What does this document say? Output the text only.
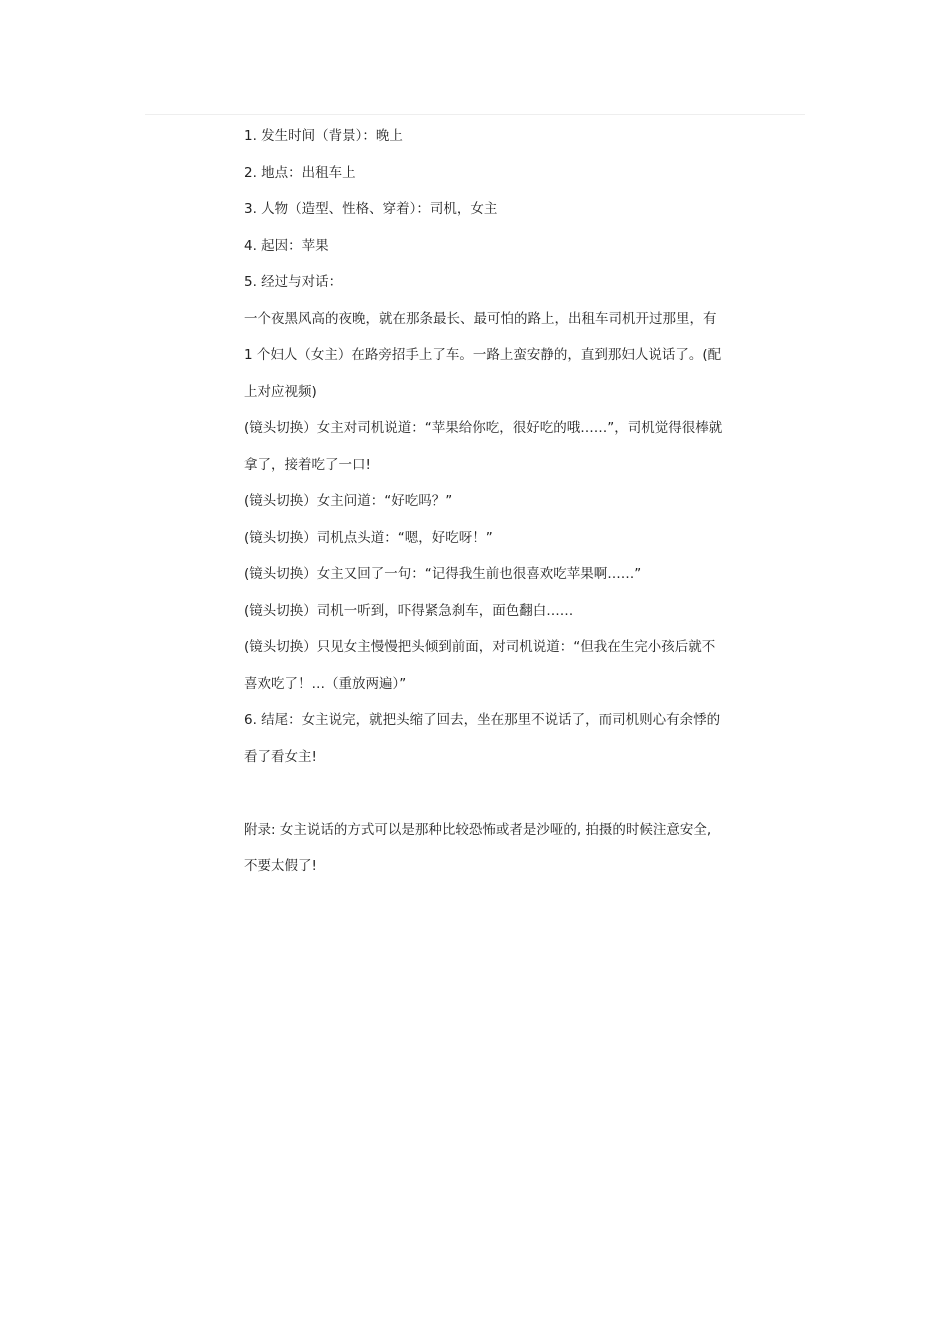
1. 发生时间（背景）：晚上
2. 地点：出租车上
3. 人物（造型、性格、穿着）：司机，女主
4. 起因：苹果
5. 经过与对话：
一个夜黑风高的夜晚，就在那条最长、最可怕的路上，出租车司机开过那里，有
1 个妇人（女主）在路旁招手上了车。一路上蛮安静的，直到那妇人说话了。(配
上对应视频)
(镜头切换）女主对司机说道：“苹果给你吃，很好吃的哦……”，司机觉得很棒就
拿了，接着吃了一口!
(镜头切换）女主问道：“好吃吗？”
(镜头切换）司机点头道：“嗯，好吃呀！”
(镜头切换）女主又回了一句：“记得我生前也很喜欢吃苹果啊……”
(镜头切换）司机一听到，吓得紧急刹车，面色翻白……
(镜头切换）只见女主慢慢把头倾到前面，对司机说道：“但我在生完小孩后就不
喜欢吃了！…（重放两遍）”
6. 结尾：女主说完，就把头缩了回去，坐在那里不说话了，而司机则心有余悸的
看了看女主!
附录: 女主说话的方式可以是那种比较恐怖或者是沙哑的, 拍摄的时候注意安全,
不要太假了!
